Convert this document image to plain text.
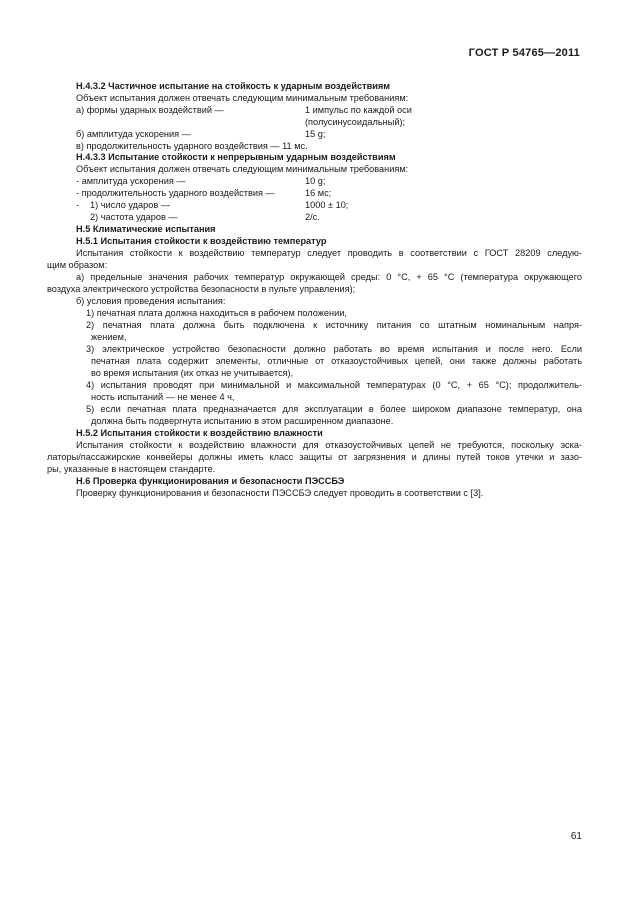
ГОСТ Р 54765—2011
Н.4.3.2 Частичное испытание на стойкость к ударным воздействиям
Объект испытания должен отвечать следующим минимальным требованиям:
а) формы ударных воздействий —	1 импульс по каждой оси
(полусинусоидальный);
б) амплитуда ускорения —	15 g;
в) продолжительность ударного воздействия — 11 мс.
Н.4.3.3 Испытание стойкости к непрерывным ударным воздействиям
Объект испытания должен отвечать следующим минимальным требованиям:
- амплитуда ускорения —	10 g;
- продолжительность ударного воздействия —	16 мс;
- 1) число ударов —	1000 ± 10;
2) частота ударов —	2/с.
Н.5 Климатические испытания
Н.5.1 Испытания стойкости к воздействию температур
Испытания стойкости к воздействию температур следует проводить в соответствии с ГОСТ 28209 следую-
щим образом:
а) предельные значения рабочих температур окружающей среды: 0 °С, + 65 °С (температура окружающего
воздуха электрического устройства безопасности в пульте управления);
б) условия проведения испытания:
1) печатная плата должна находиться в рабочем положении,
2) печатная плата должна быть подключена к источнику питания со штатным номинальным напря-
жением,
3) электрическое устройство безопасности должно работать во время испытания и после него. Если
печатная плата содержит элементы, отличные от отказоустойчивых цепей, они также должны работать
во время испытания (их отказ не учитывается),
4) испытания проводят при минимальной и максимальной температурах (0 °С, + 65 °С); продолжитель-
ность испытаний — не менее 4 ч,
5) если печатная плата предназначается для эксплуатации в более широком диапазоне температур, она
должна быть подвергнута испытанию в этом расширенном диапазоне.
Н.5.2 Испытания стойкости к воздействию влажности
Испытания стойкости к воздействию влажности для отказоустойчивых цепей не требуются, поскольку эска-
латоры/пассажирские конвейеры должны иметь класс защиты от загрязнения и длины путей токов утечки и зазо-
ры, указанные в настоящем стандарте.
Н.6 Проверка функционирования и безопасности ПЭССБЭ
Проверку функционирования и безопасности ПЭССБЭ следует проводить в соответствии с [3].
61
